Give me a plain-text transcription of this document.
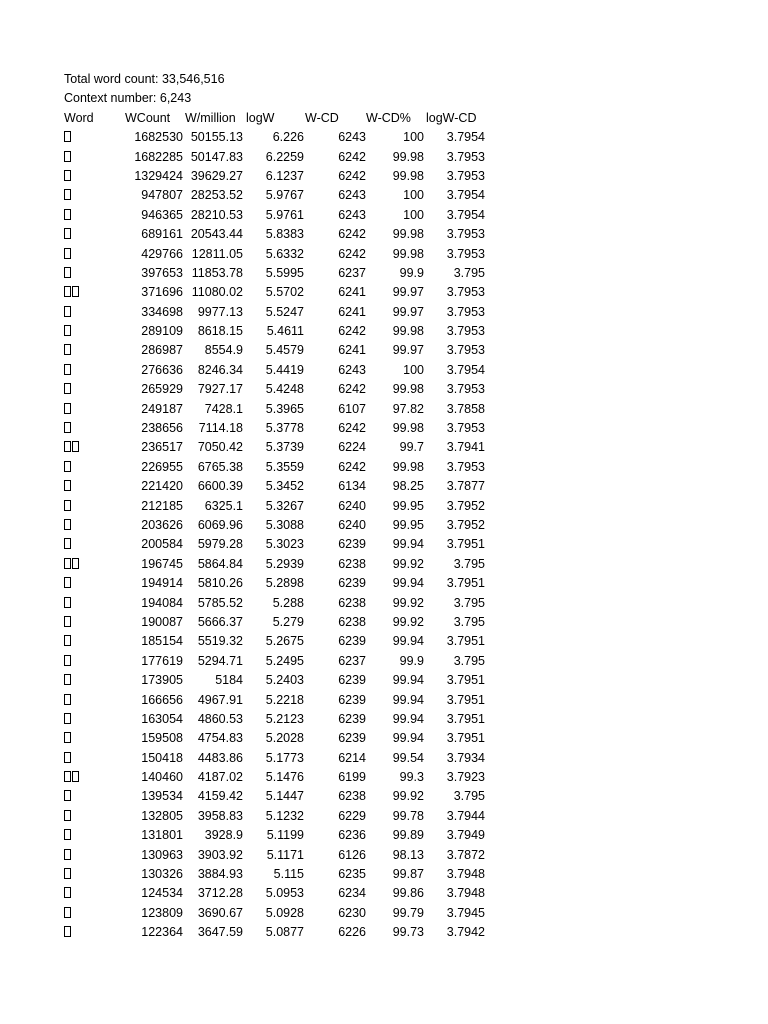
Total word count: 33,546,516
Context number: 6,243
Word	WCount	W/million logW	W-CD	W-CD%	logW-CD
1682530 50155.13	6.226	6243	100	3.7954
1682285 50147.83	6.2259	6242	99.98	3.7953
1329424 39629.27	6.1237	6242	99.98	3.7953
947807 28253.52	5.9767	6243	100	3.7954
946365 28210.53	5.9761	6243	100	3.7954
689161 20543.44	5.8383	6242	99.98	3.7953
429766 12811.05	5.6332	6242	99.98	3.7953
397653 11853.78	5.5995	6237	99.9	3.795
371696 11080.02	5.5702	6241	99.97	3.7953
334698	9977.13	5.5247	6241	99.97	3.7953
289109	8618.15	5.4611	6242	99.98	3.7953
286987	8554.9	5.4579	6241	99.97	3.7953
276636	8246.34	5.4419	6243	100	3.7954
265929	7927.17	5.4248	6242	99.98	3.7953
249187	7428.1	5.3965	6107	97.82	3.7858
238656	7114.18	5.3778	6242	99.98	3.7953
236517	7050.42	5.3739	6224	99.7	3.7941
226955	6765.38	5.3559	6242	99.98	3.7953
221420	6600.39	5.3452	6134	98.25	3.7877
212185	6325.1	5.3267	6240	99.95	3.7952
203626	6069.96	5.3088	6240	99.95	3.7952
200584	5979.28	5.3023	6239	99.94	3.7951
196745	5864.84	5.2939	6238	99.92	3.795
194914	5810.26	5.2898	6239	99.94	3.7951
194084	5785.52	5.288	6238	99.92	3.795
190087	5666.37	5.279	6238	99.92	3.795
185154	5519.32	5.2675	6239	99.94	3.7951
177619	5294.71	5.2495	6237	99.9	3.795
173905	5184	5.2403	6239	99.94	3.7951
166656	4967.91	5.2218	6239	99.94	3.7951
163054	4860.53	5.2123	6239	99.94	3.7951
159508	4754.83	5.2028	6239	99.94	3.7951
150418	4483.86	5.1773	6214	99.54	3.7934
140460	4187.02	5.1476	6199	99.3	3.7923
139534	4159.42	5.1447	6238	99.92	3.795
132805	3958.83	5.1232	6229	99.78	3.7944
131801	3928.9	5.1199	6236	99.89	3.7949
130963	3903.92	5.1171	6126	98.13	3.7872
130326	3884.93	5.115	6235	99.87	3.7948
124534	3712.28	5.0953	6234	99.86	3.7948
123809	3690.67	5.0928	6230	99.79	3.7945
122364	3647.59	5.0877	6226	99.73	3.7942
